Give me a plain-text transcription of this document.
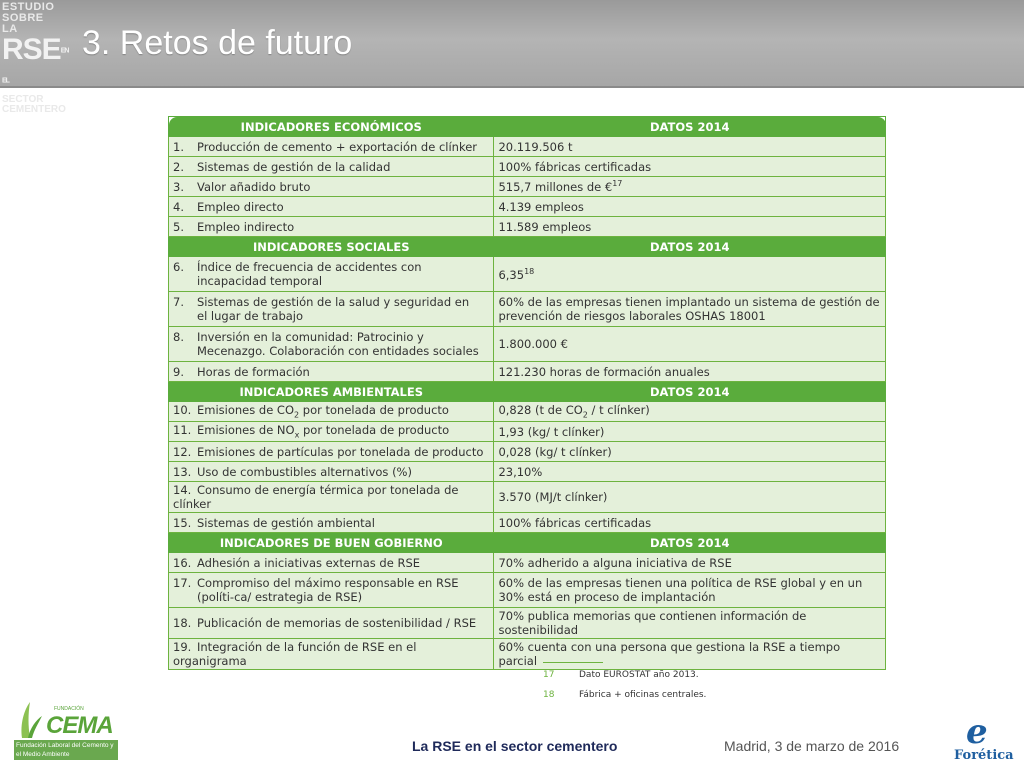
ESTUDIO
SOBRE LA
RSEEN EL
SECTOR
CEMENTERO
3. Retos de futuro
INDICADORES ECONÓMICOS	DATOS 2014
1. Producción de cemento + exportación de clínker	20.119.506 t
2. Sistemas de gestión de la calidad	100% fábricas certificadas
3. Valor añadido bruto	515,7 millones de €$^{17}$
4. Empleo directo	4.139 empleos
5. Empleo indirecto	11.589 empleos
INDICADORES SOCIALES	DATOS 2014
6. Índice de frecuencia de accidentes con incapacidad temporal	6,35$^{18}$
7. Sistemas de gestión de la salud y seguridad en el lugar de trabajo	60% de las empresas tienen implantado un sistema de gestión de prevención de riesgos laborales OSHAS 18001
8. Inversión en la comunidad: Patrocinio y Mecenazgo. Colaboración con entidades sociales	1.800.000 €
9. Horas de formación	121.230 horas de formación anuales
INDICADORES AMBIENTALES	DATOS 2014
10. Emisiones de $CO_2$ por tonelada de producto	0,828 (t de $CO_2$ / t clínker)
11. Emisiones de $NO_x$ por tonelada de producto	1,93 (kg/ t clínker)
12. Emisiones de partículas por tonelada de producto	0,028 (kg/ t clínker)
13. Uso de combustibles alternativos (%)	23,10%
14. Consumo de energía térmica por tonelada de clínker	3.570 (MJ/t clínker)
15. Sistemas de gestión ambiental	100% fábricas certificadas
INDICADORES DE BUEN GOBIERNO	DATOS 2014
16. Adhesión a iniciativas externas de RSE	70% adherido a alguna iniciativa de RSE
17. Compromiso del máximo responsable en RSE (políti-ca/ estrategia de RSE)	60% de las empresas tienen una política de RSE global y en un 30% está en proceso de implantación
18. Publicación de memorias de sostenibilidad / RSE	70% publica memorias que contienen información de sostenibilidad
19. Integración de la función de RSE en el organigrama	60% cuenta con una persona que gestiona la RSE a tiempo parcial
17	Dato EUROSTAT año 2013.
18	Fábrica + oficinas centrales.
FUNDACIÓN
CEMA
Fundación Laboral del Cemento y el Medio Ambiente
La RSE en el sector cementero	Madrid, 3 de marzo de 2016 e
Forética
